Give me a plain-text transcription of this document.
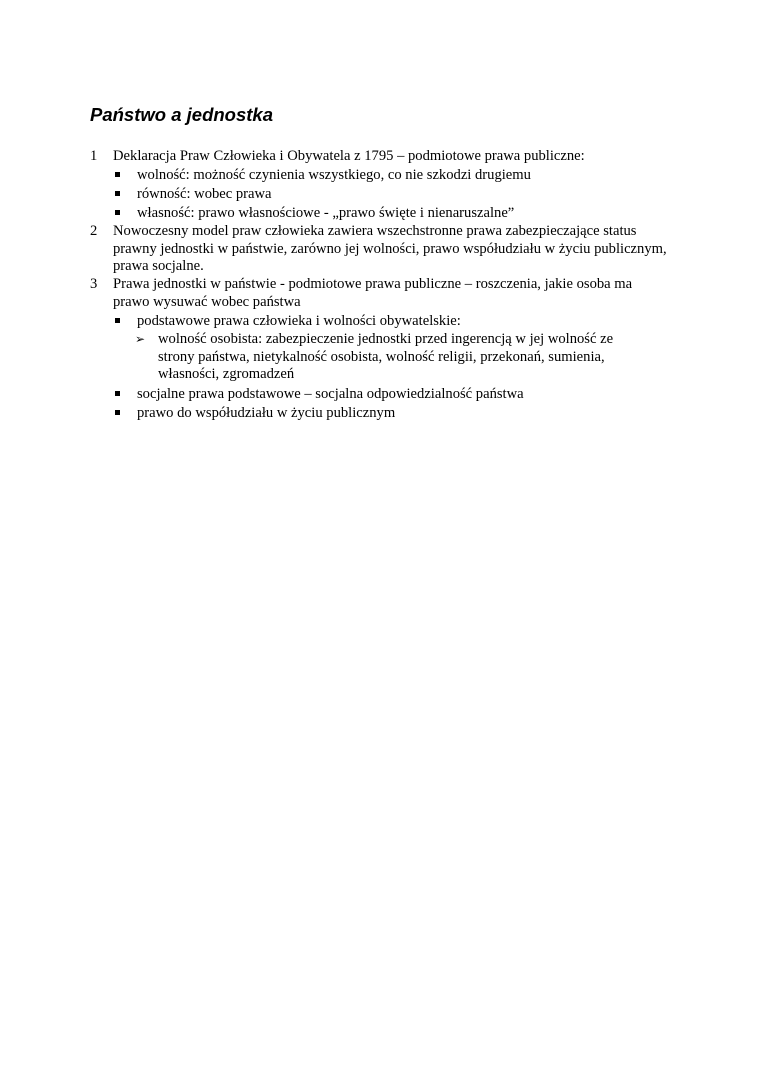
Państwo a jednostka
1 Deklaracja Praw Człowieka i Obywatela z 1795 – podmiotowe prawa publiczne:
wolność: możność czynienia wszystkiego, co nie szkodzi drugiemu
równość: wobec prawa
własność: prawo własnościowe - „prawo święte i nienaruszalne”
2 Nowoczesny model praw człowieka zawiera wszechstronne prawa zabezpieczające status prawny jednostki w państwie, zarówno jej wolności, prawo współudziału w życiu publicznym, prawa socjalne.
3 Prawa jednostki w państwie - podmiotowe prawa publiczne – roszczenia, jakie osoba ma prawo wysuwać wobec państwa
podstawowe prawa człowieka i wolności obywatelskie:
➢ wolność osobista: zabezpieczenie jednostki przed ingerencją w jej wolność ze strony państwa, nietykalność osobista, wolność religii, przekonań, sumienia, własności, zgromadzeń
socjalne prawa podstawowe – socjalna odpowiedzialność państwa
prawo do współudziału w życiu publicznym
